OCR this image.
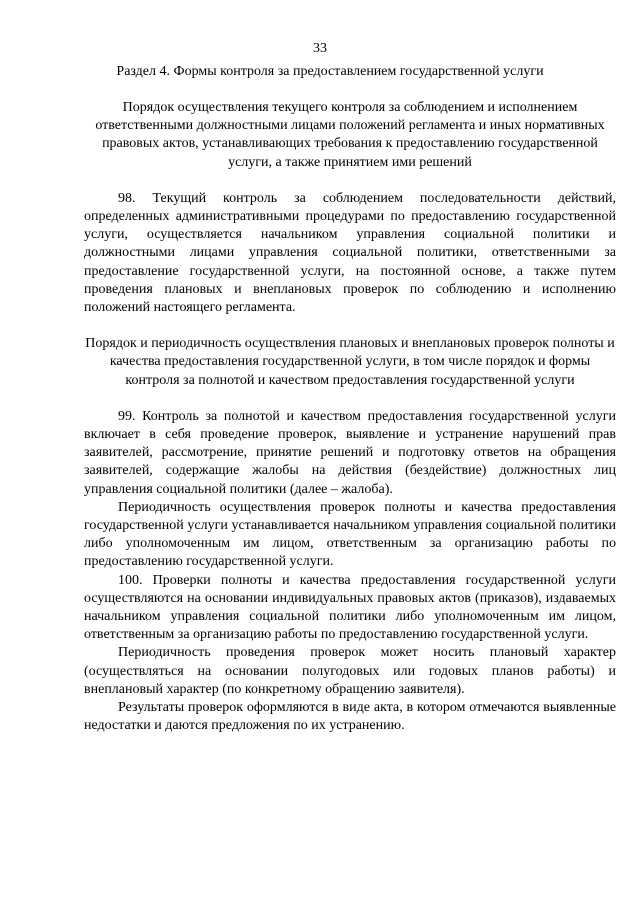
33
Раздел 4. Формы контроля за предоставлением государственной услуги

Порядок осуществления текущего контроля за соблюдением и исполнением ответственными должностными лицами положений регламента и иных нормативных правовых актов, устанавливающих требования к предоставлению государственной услуги, а также принятием ими решений

98. Текущий контроль за соблюдением последовательности действий, определенных административными процедурами по предоставлению государственной услуги, осуществляется начальником управления социальной политики и должностными лицами управления социальной политики, ответственными за предоставление государственной услуги, на постоянной основе, а также путем проведения плановых и внеплановых проверок по соблюдению и исполнению положений настоящего регламента.

Порядок и периодичность осуществления плановых и внеплановых проверок полноты и качества предоставления государственной услуги, в том числе порядок и формы контроля за полнотой и качеством предоставления государственной услуги

99. Контроль за полнотой и качеством предоставления государственной услуги включает в себя проведение проверок, выявление и устранение нарушений прав заявителей, рассмотрение, принятие решений и подготовку ответов на обращения заявителей, содержащие жалобы на действия (бездействие) должностных лиц управления социальной политики (далее – жалоба).

Периодичность осуществления проверок полноты и качества предоставления государственной услуги устанавливается начальником управления социальной политики либо уполномоченным им лицом, ответственным за организацию работы по предоставлению государственной услуги.

100. Проверки полноты и качества предоставления государственной услуги осуществляются на основании индивидуальных правовых актов (приказов), издаваемых начальником управления социальной политики либо уполномоченным им лицом, ответственным за организацию работы по предоставлению государственной услуги.

Периодичность проведения проверок может носить плановый характер (осуществляться на основании полугодовых или годовых планов работы) и внеплановый характер (по конкретному обращению заявителя).

Результаты проверок оформляются в виде акта, в котором отмечаются выявленные недостатки и даются предложения по их устранению.
